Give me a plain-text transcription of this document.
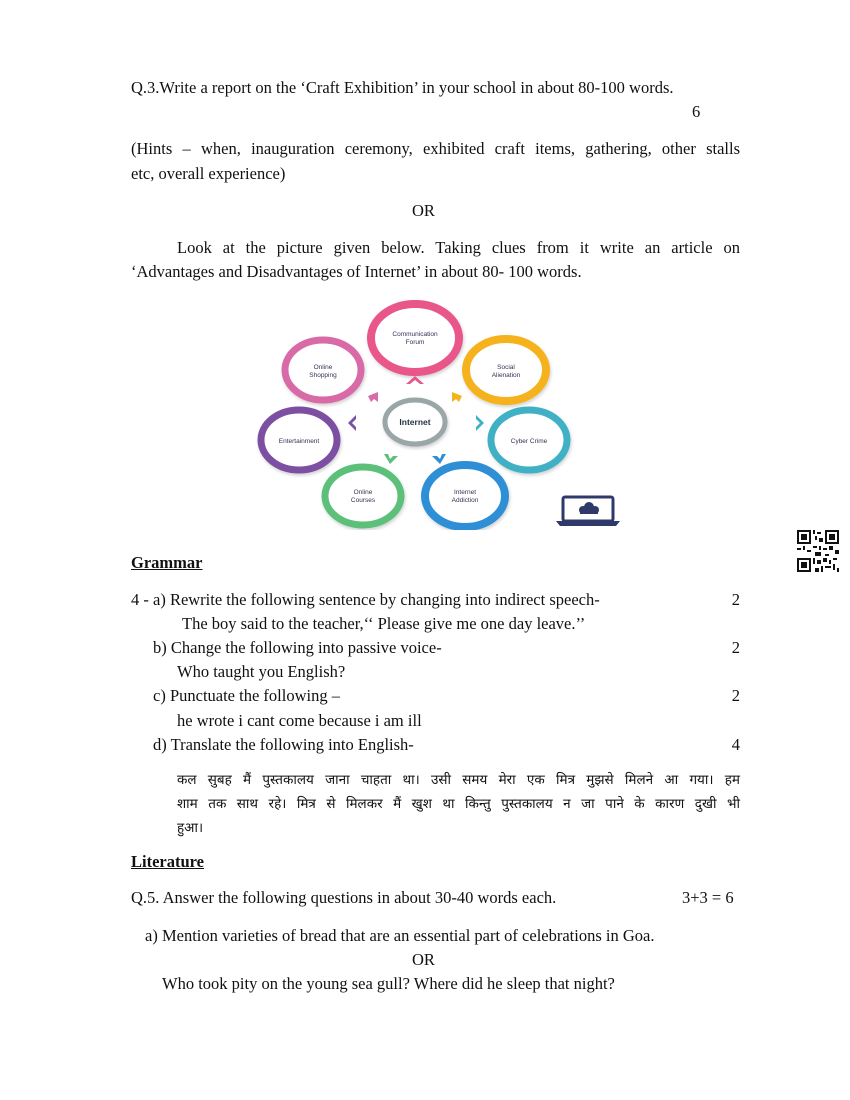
Q.3.Write a report on the ‘Craft Exhibition’ in your school in about 80-100 words.
6
(Hints – when, inauguration ceremony, exhibited craft items, gathering, other stalls
etc, overall experience)
OR
Look at the picture given below. Taking clues from it write an article on
‘Advantages and Disadvantages of Internet’ in about 80- 100 words.
Communication
Forum
Online
Shopping
Social
Alienation
Entertainment	Cyber Crime
Internet
Online
Courses
Internet
Addiction
Grammar
4 - a) Rewrite the following sentence by changing into indirect speech-	2
The boy said to the teacher,‘‘ Please give me one day leave.’’
b) Change the following into passive voice-	2
Who taught you English?
c) Punctuate the following –	2
he wrote i cant come because i am ill
d) Translate the following into English-	4
कल सुबह मैं पुस्तकालय जाना चाहता था। उसी समय मेरा एक मित्र मुझसे मिलने आ गया। हम
शाम तक साथ रहे। मित्र से मिलकर मैं खुश था किन्तु पुस्तकालय न जा पाने के कारण दुखी भी
हुआ।
Literature
Q.5. Answer the following questions in about 30-40 words each.	3+3 = 6
a) Mention varieties of bread that are an essential part of celebrations in Goa.
OR
Who took pity on the young sea gull? Where did he sleep that night?
